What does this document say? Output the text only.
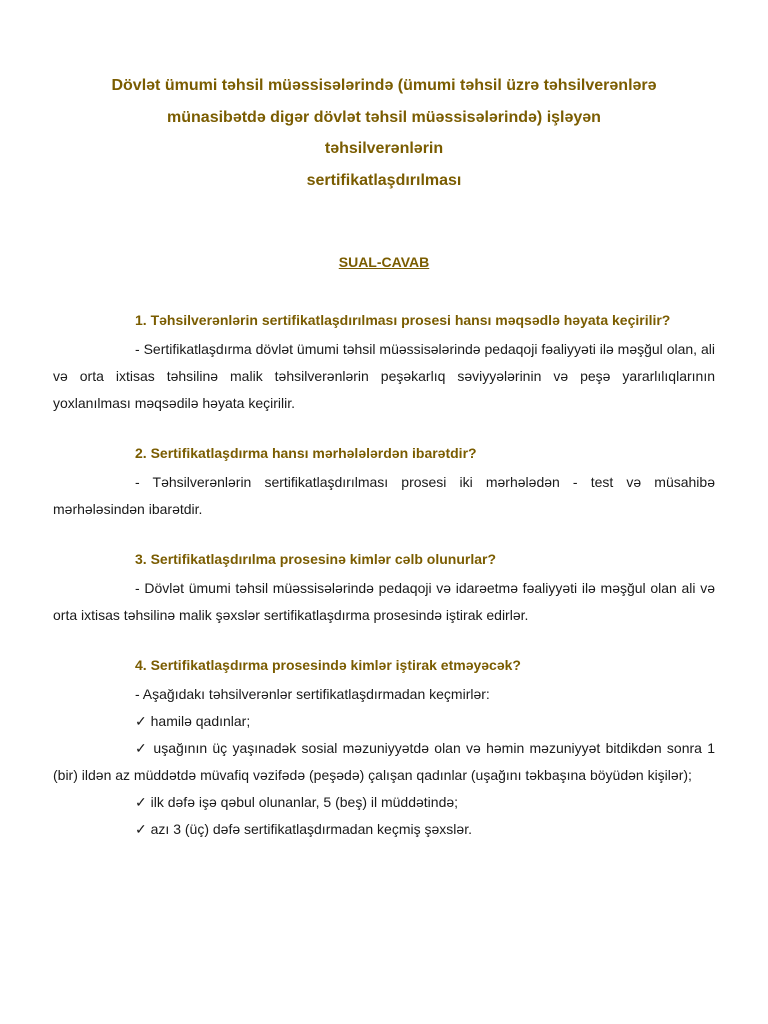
Dövlət ümumi təhsil müəssisələrində (ümumi təhsil üzrə təhsilverənlərə
münasibətdə digər dövlət təhsil müəssisələrində) işləyən
təhsilverənlərin
sertifikatlaşdırılması
SUAL-CAVAB

1. Təhsilverənlərin sertifikatlaşdırılması prosesi hansı məqsədlə həyata keçirilir?

- Sertifikatlaşdırma dövlət ümumi təhsil müəssisələrində pedaqoji fəaliyyəti ilə məşğul olan, ali və orta ixtisas təhsilinə malik təhsilverənlərin peşəkarlıq səviyyələrinin və peşə yararlılıqlarının yoxlanılması məqsədilə həyata keçirilir.

2. Sertifikatlaşdırma hansı mərhələlərdən ibarətdir?

- Təhsilverənlərin sertifikatlaşdırılması prosesi iki mərhələdən - test və müsahibə mərhələsindən ibarətdir.

3. Sertifikatlaşdırılma prosesinə kimlər cəlb olunurlar?

- Dövlət ümumi təhsil müəssisələrində pedaqoji və idarəetmə fəaliyyəti ilə məşğul olan ali və orta ixtisas təhsilinə malik şəxslər sertifikatlaşdırma prosesində iştirak edirlər.

4. Sertifikatlaşdırma prosesində kimlər iştirak etməyəcək?

- Aşağıdakı təhsilverənlər sertifikatlaşdırmadan keçmirlər:

✓ hamilə qadınlar;
✓ uşağının üç yaşınadək sosial məzuniyyətdə olan və həmin məzuniyyət bitdikdən sonra 1 (bir) ildən az müddətdə müvafiq vəzifədə (peşədə) çalışan qadınlar (uşağını təkbaşına böyüdən kişilər);
✓ ilk dəfə işə qəbul olunanlar, 5 (beş) il müddətində;
✓ azı 3 (üç) dəfə sertifikatlaşdırmadan keçmiş şəxslər.
